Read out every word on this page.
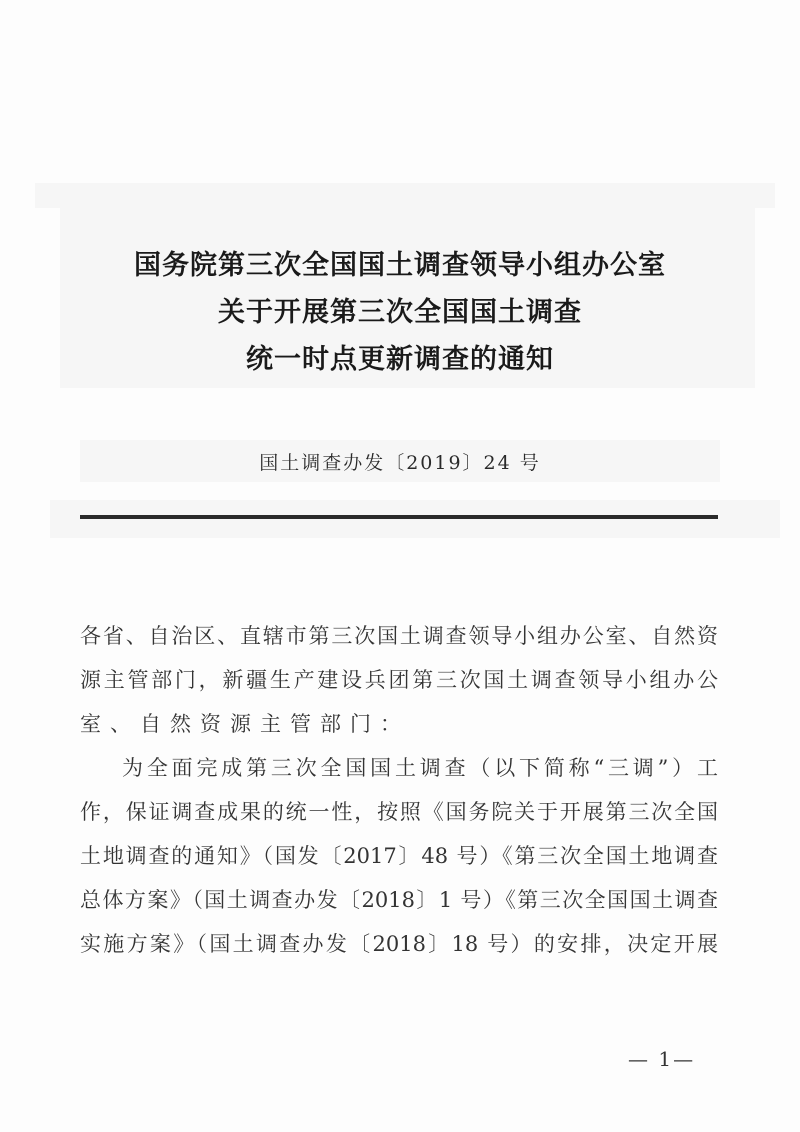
国务院第三次全国国土调查领导小组办公室
关于开展第三次全国国土调查
统一时点更新调查的通知
国土调查办发〔2019〕24 号
各省、自治区、直辖市第三次国土调查领导小组办公室、自然资
源主管部门，新疆生产建设兵团第三次国土调查领导小组办公
室、自然资源主管部门：
为全面完成第三次全国国土调查（以下简称“三调”）工
作，保证调查成果的统一性，按照《国务院关于开展第三次全国
土地调查的通知》（国发〔2017〕48 号）《第三次全国土地调查
总体方案》（国土调查办发〔2018〕1 号）《第三次全国国土调查
实施方案》（国土调查办发〔2018〕18 号）的安排，决定开展
— 1—
